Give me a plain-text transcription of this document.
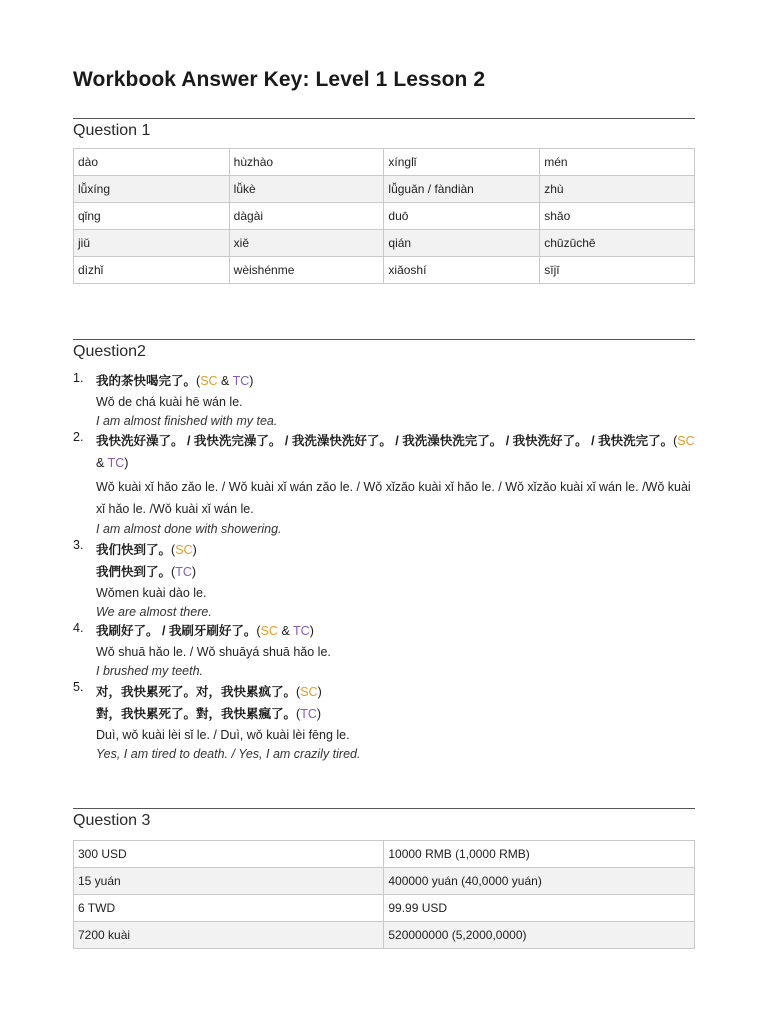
Workbook Answer Key: Level 1 Lesson 2
Question 1
dào	hùzhào	xínglǐ	mén
lǚxíng	lǚkè	lǚguǎn / fàndiàn	zhù
qǐng	dàgài	duō	shǎo
jiǔ	xiě	qián	chūzūchē
dìzhǐ	wèishénme	xiǎoshí	sījī
Question2
1. 我的茶快喝完了。(SC & TC)
Wǒ de chá kuài hē wán le.
I am almost finished with my tea.
2. 我快洗好澡了。 / 我快洗完澡了。 / 我洗澡快洗好了。 / 我洗澡快洗完了。 / 我快洗好了。 / 我快洗完了。(SC & TC)
Wǒ kuài xǐ hǎo zǎo le. / Wǒ kuài xǐ wán zǎo le. / Wǒ xǐzǎo kuài xǐ hǎo le. / Wǒ xǐzǎo kuài xǐ wán le. /Wǒ kuài xǐ hǎo le. /Wǒ kuài xǐ wán le.
I am almost done with showering.
3. 我们快到了。(SC)
我們快到了。(TC)
Wǒmen kuài dào le.
We are almost there.
4. 我刷好了。 / 我刷牙刷好了。(SC & TC)
Wǒ shuā hǎo le. / Wǒ shuāyá shuā hǎo le.
I brushed my teeth.
5. 对，我快累死了。对，我快累疯了。(SC)
對，我快累死了。對，我快累瘋了。(TC)
Duì, wǒ kuài lèi sǐ le. / Duì, wǒ kuài lèi fēng le.
Yes, I am tired to death. / Yes, I am crazily tired.
Question 3
300 USD	10000 RMB (1,0000 RMB)
15 yuán	400000 yuán (40,0000 yuán)
6 TWD	99.99 USD
7200 kuài	520000000 (5,2000,0000)
